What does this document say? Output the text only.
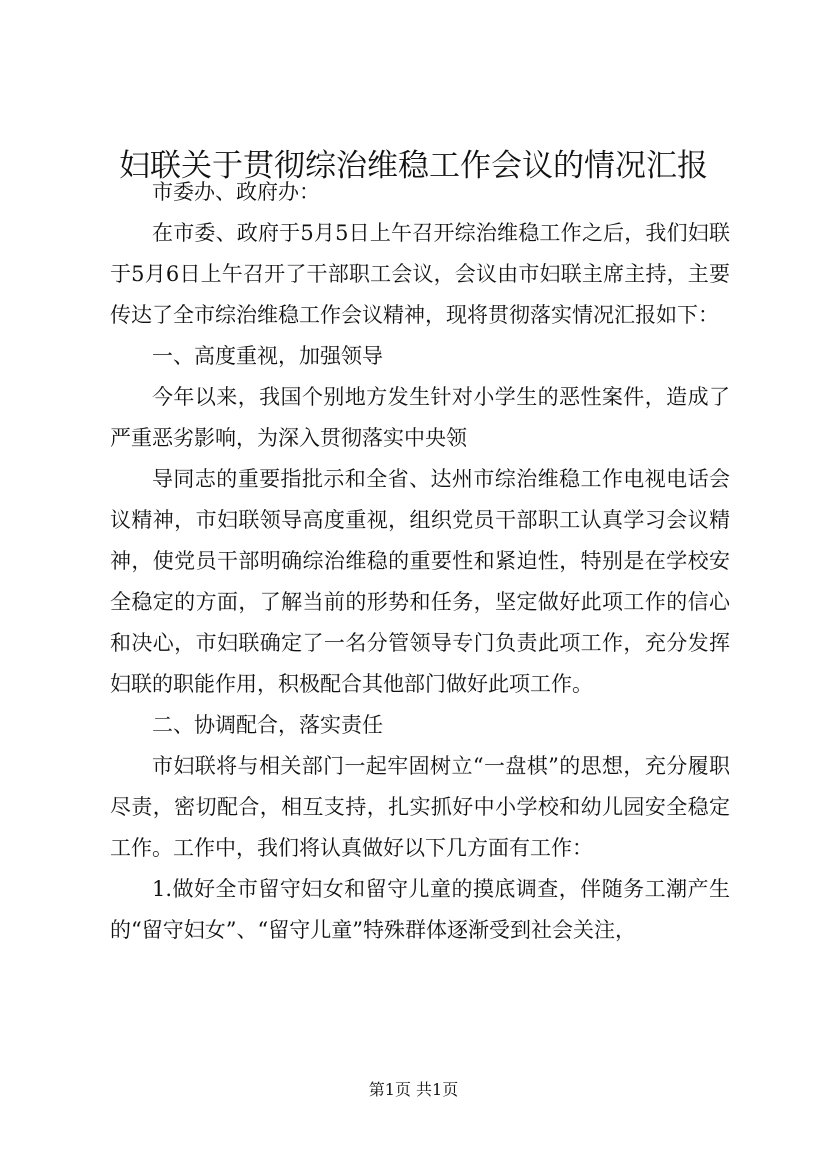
妇联关于贯彻综治维稳工作会议的情况汇报

市委办、政府办：

在市委、政府于5月5日上午召开综治维稳工作之后，我们妇联于5月6日上午召开了干部职工会议，会议由市妇联主席主持，主要传达了全市综治维稳工作会议精神，现将贯彻落实情况汇报如下：

一、高度重视，加强领导

今年以来，我国个别地方发生针对小学生的恶性案件，造成了严重恶劣影响，为深入贯彻落实中央领

导同志的重要指批示和全省、达州市综治维稳工作电视电话会议精神，市妇联领导高度重视，组织党员干部职工认真学习会议精神，使党员干部明确综治维稳的重要性和紧迫性，特别是在学校安全稳定的方面，了解当前的形势和任务，坚定做好此项工作的信心和决心，市妇联确定了一名分管领导专门负责此项工作，充分发挥妇联的职能作用，积极配合其他部门做好此项工作。

二、协调配合，落实责任

市妇联将与相关部门一起牢固树立“一盘棋”的思想，充分履职尽责，密切配合，相互支持，扎实抓好中小学校和幼儿园安全稳定工作。工作中，我们将认真做好以下几方面有工作：

1.做好全市留守妇女和留守儿童的摸底调查，伴随务工潮产生的“留守妇女”、“留守儿童”特殊群体逐渐受到社会关注，

第1页 共1页
